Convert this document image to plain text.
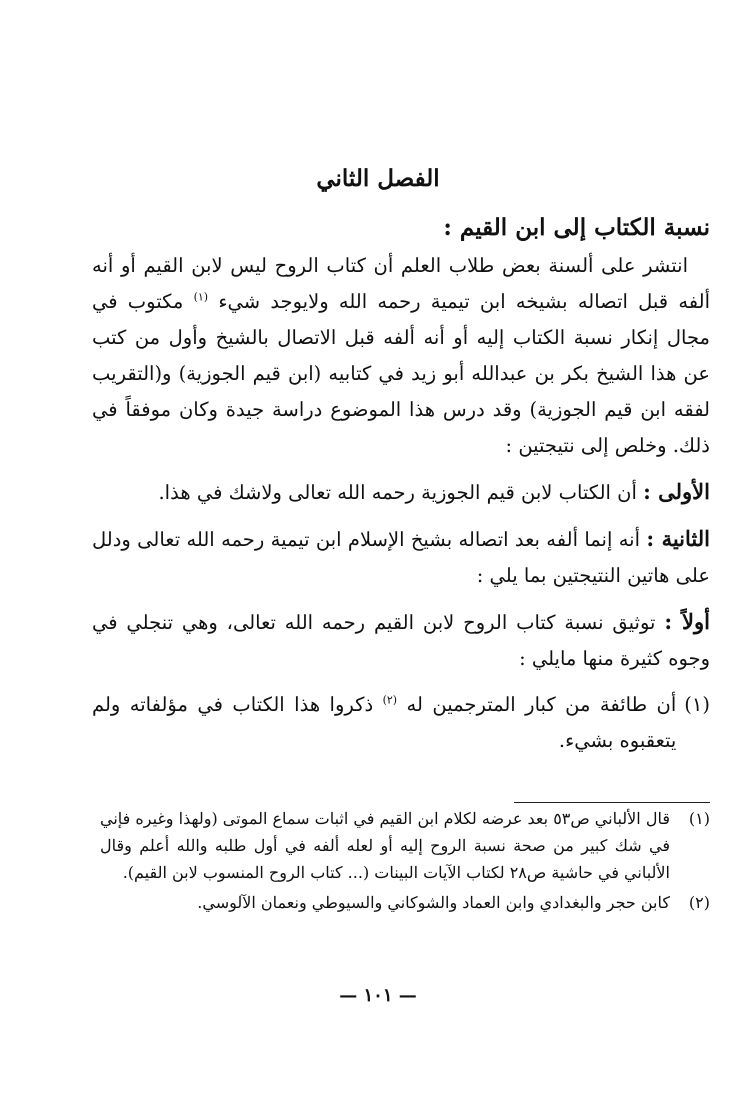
الفصل الثاني

نسبة الكتاب إلى ابن القيم :

انتشر على ألسنة بعض طلاب العلم أن كتاب الروح ليس لابن القيم أو أنه ألفه قبل اتصاله بشيخه ابن تيمية رحمه الله ولايوجد شيء $^{(١)}$ مكتوب في مجال إنكار نسبة الكتاب إليه أو أنه ألفه قبل الاتصال بالشيخ وأول من كتب عن هذا الشيخ بكر بن عبدالله أبو زيد في كتابيه (ابن قيم الجوزية) و(التقريب لفقه ابن قيم الجوزية) وقد درس هذا الموضوع دراسة جيدة وكان موفقاً في ذلك. وخلص إلى نتيجتين :

الأولى : أن الكتاب لابن قيم الجوزية رحمه الله تعالى ولاشك في هذا.

الثانية : أنه إنما ألفه بعد اتصاله بشيخ الإسلام ابن تيمية رحمه الله تعالى ودلل على هاتين النتيجتين بما يلي :

أولاً : توثيق نسبة كتاب الروح لابن القيم رحمه الله تعالى، وهي تنجلي في وجوه كثيرة منها مايلي :

(١)
أن طائفة من كبار المترجمين له $^{(٢)}$ ذكروا هذا الكتاب في مؤلفاته ولم يتعقبوه بشيء.
(١)
قال الألباني ص٥٣ بعد عرضه لكلام ابن القيم في اثبات سماع الموتى (ولهذا وغيره فإني في شك كبير من صحة نسبة الروح إليه أو لعله ألفه في أول طلبه والله أعلم وقال الألباني في حاشية ص٢٨ لكتاب الآيات البينات (... كتاب الروح المنسوب لابن القيم).
(٢)
كابن حجر والبغدادي وابن العماد والشوكاني والسيوطي ونعمان الآلوسي.
— ١٠١ —
